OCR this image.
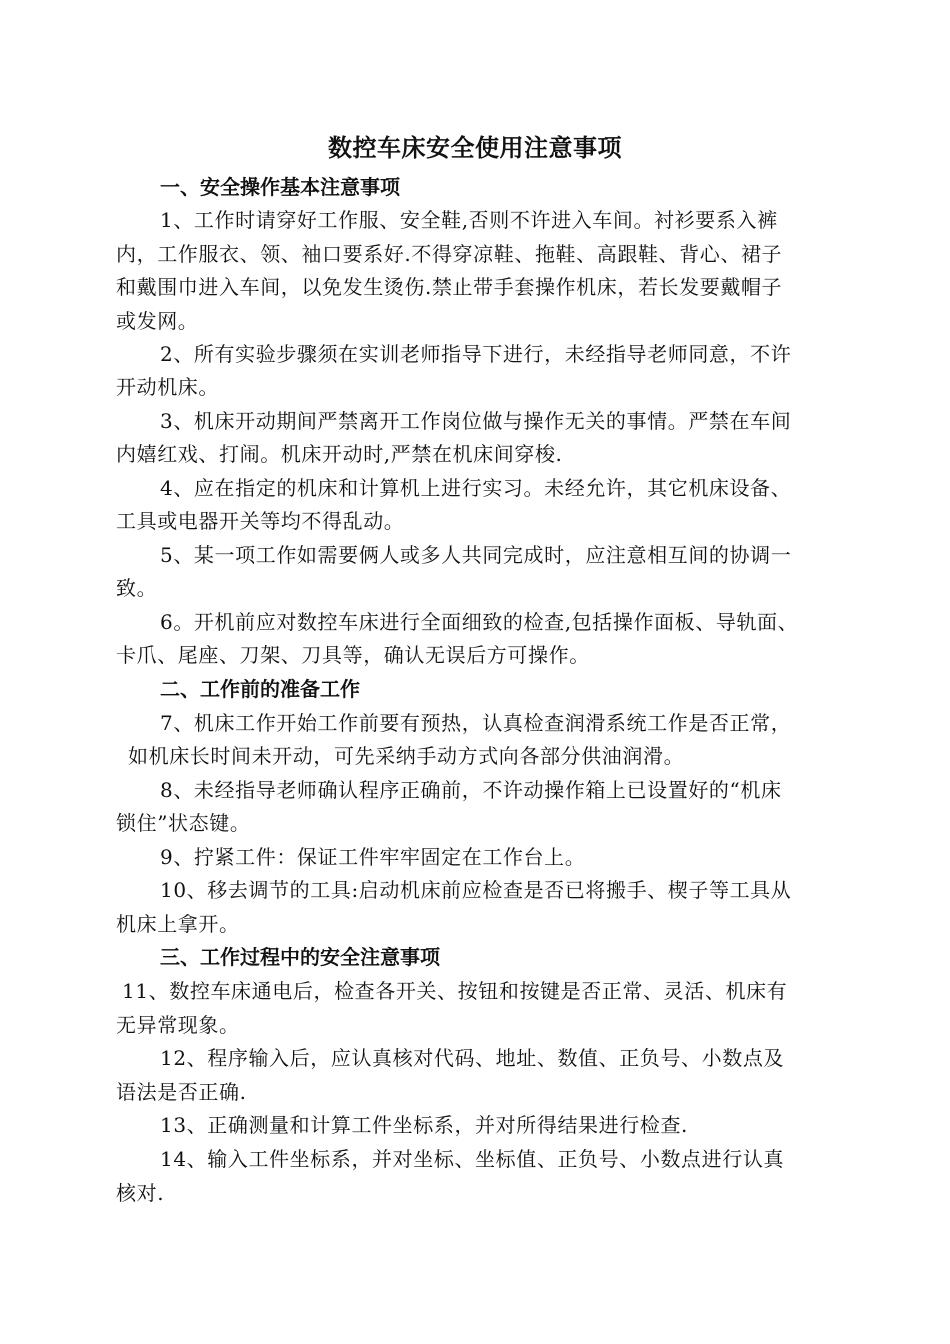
数控车床安全使用注意事项
一、安全操作基本注意事项
1、工作时请穿好工作服、安全鞋,否则不许进入车间。衬衫要系入裤
内，工作服衣、领、袖口要系好.不得穿凉鞋、拖鞋、高跟鞋、背心、裙子
和戴围巾进入车间，以免发生烫伤.禁止带手套操作机床，若长发要戴帽子
或发网。
2、所有实验步骤须在实训老师指导下进行，未经指导老师同意，不许
开动机床。
3、机床开动期间严禁离开工作岗位做与操作无关的事情。严禁在车间
内嬉红戏、打闹。机床开动时,严禁在机床间穿梭.
4、应在指定的机床和计算机上进行实习。未经允许，其它机床设备、
工具或电器开关等均不得乱动。
5、某一项工作如需要俩人或多人共同完成时，应注意相互间的协调一
致。
6。开机前应对数控车床进行全面细致的检查,包括操作面板、导轨面、
卡爪、尾座、刀架、刀具等，确认无误后方可操作。
二、工作前的准备工作
7、机床工作开始工作前要有预热，认真检查润滑系统工作是否正常，
如机床长时间未开动，可先采纳手动方式向各部分供油润滑。
8、未经指导老师确认程序正确前，不许动操作箱上已设置好的“机床
锁住”状态键。
9、拧紧工件：保证工件牢牢固定在工作台上。
10、移去调节的工具:启动机床前应检查是否已将搬手、楔子等工具从
机床上拿开。
三、工作过程中的安全注意事项
11、数控车床通电后，检查各开关、按钮和按键是否正常、灵活、机床有
无异常现象。
12、程序输入后，应认真核对代码、地址、数值、正负号、小数点及
语法是否正确.
13、正确测量和计算工件坐标系，并对所得结果进行检查.
14、输入工件坐标系，并对坐标、坐标值、正负号、小数点进行认真
核对.
